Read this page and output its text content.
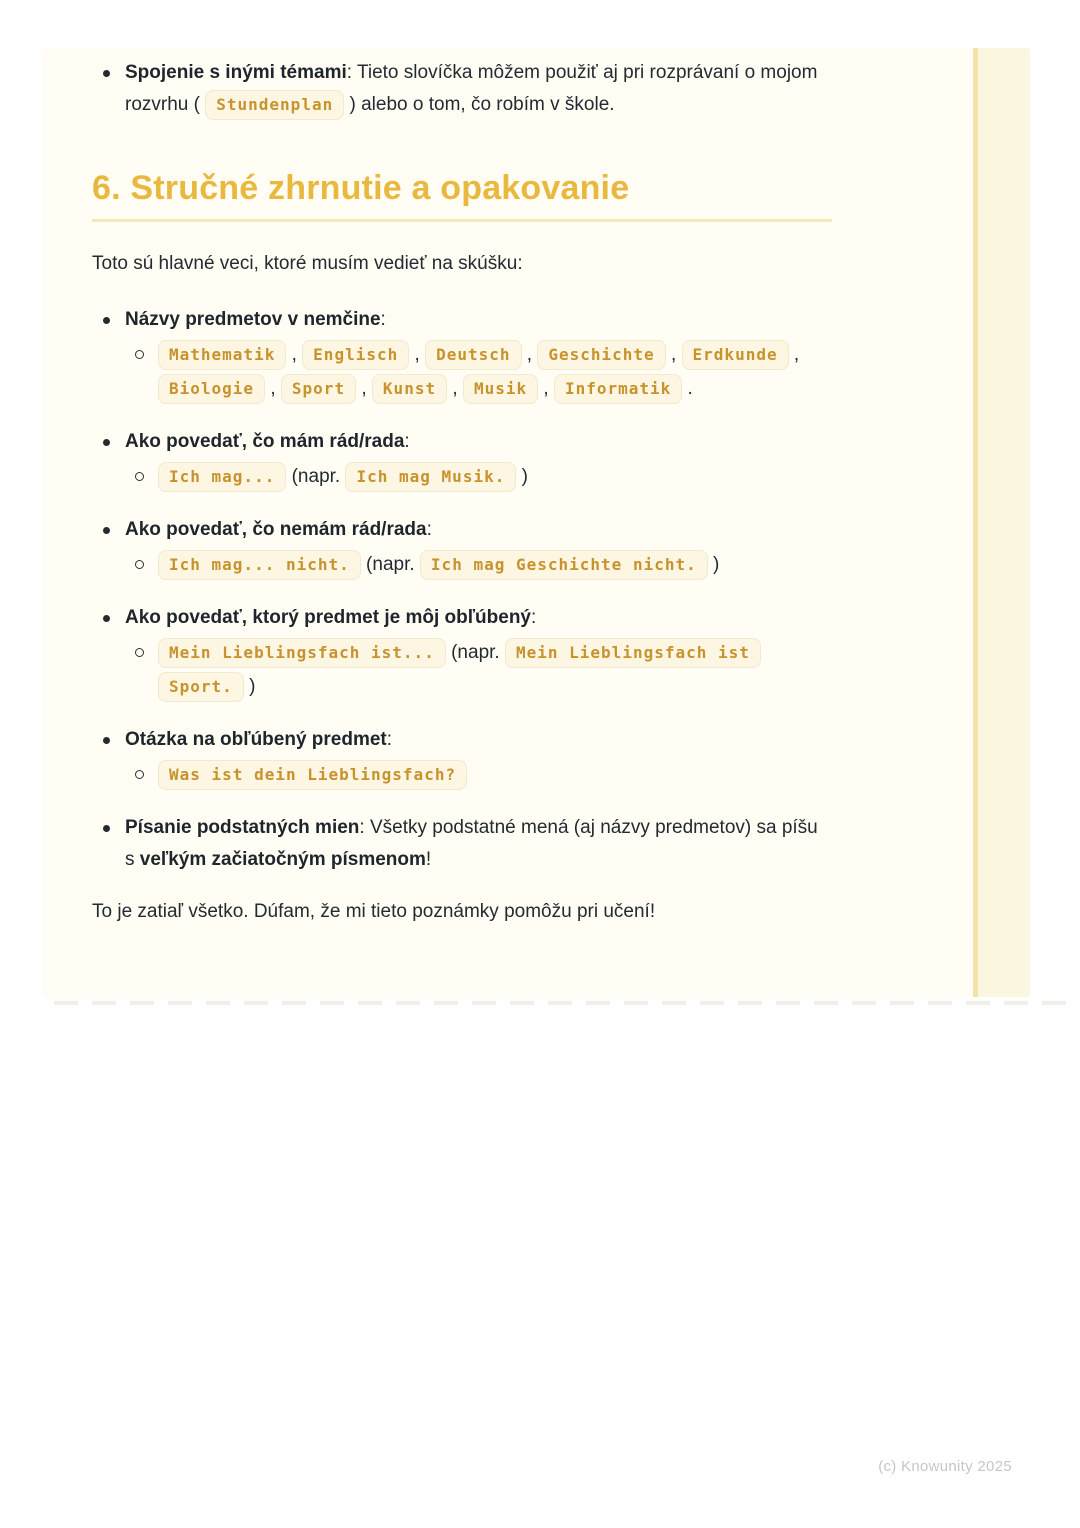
Spojenie s inými témami: Tieto slovíčka môžem použiť aj pri rozprávaní o mojom rozvrhu ( Stundenplan ) alebo o tom, čo robím v škole.
6. Stručné zhrnutie a opakovanie

Toto sú hlavné veci, ktoré musím vedieť na skúšku:

Názvy predmetov v nemčine:
Mathematik , Englisch , Deutsch , Geschichte , Erdkunde , Biologie , Sport , Kunst , Musik , Informatik .
Ako povedať, čo mám rád/rada:
Ich mag... (napr. Ich mag Musik. )
Ako povedať, čo nemám rád/rada:
Ich mag... nicht. (napr. Ich mag Geschichte nicht. )
Ako povedať, ktorý predmet je môj obľúbený:
Mein Lieblingsfach ist... (napr. Mein Lieblingsfach ist Sport. )
Otázka na obľúbený predmet:
Was ist dein Lieblingsfach?
Písanie podstatných mien: Všetky podstatné mená (aj názvy predmetov) sa píšu s veľkým začiatočným písmenom!

To je zatiaľ všetko. Dúfam, že mi tieto poznámky pomôžu pri učení!

(c) Knowunity 2025
